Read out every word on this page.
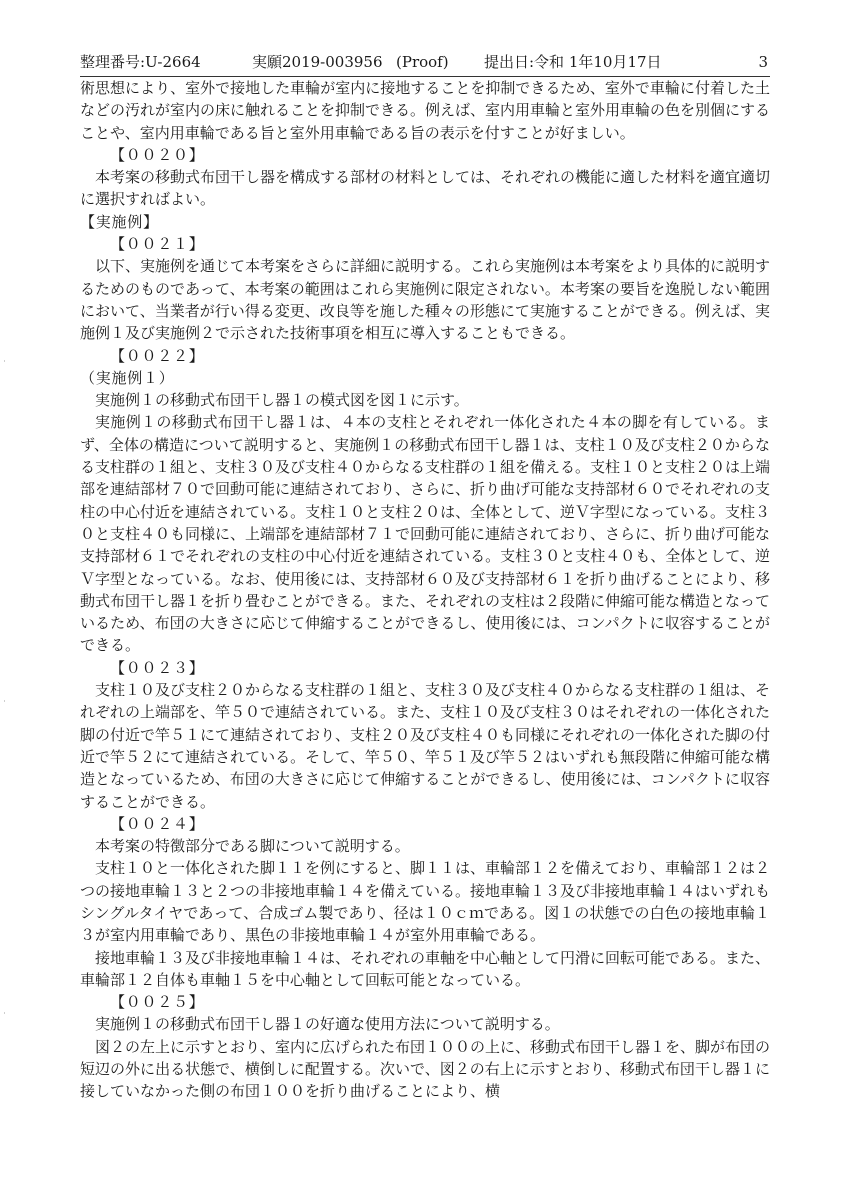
整理番号:U-2664	実願2019-003956 (Proof) 提出日:令和 1年10月17日	3

術思想により、室外で接地した車輪が室内に接地することを抑制できるため、室外で車輪に付着した土などの汚れが室内の床に触れることを抑制できる。例えば、室内用車輪と室外用車輪の色を別個にすることや、室内用車輪である旨と室外用車輪である旨の表示を付すことが好ましい。

【００２０】

本考案の移動式布団干し器を構成する部材の材料としては、それぞれの機能に適した材料を適宜適切に選択すればよい。

【実施例】
【００２１】

以下、実施例を通じて本考案をさらに詳細に説明する。これら実施例は本考案をより具体的に説明するためのものであって、本考案の範囲はこれら実施例に限定されない。本考案の要旨を逸脱しない範囲において、当業者が行い得る変更、改良等を施した種々の形態にて実施することができる。例えば、実施例１及び実施例２で示された技術事項を相互に導入することもできる。

【００２２】
（実施例１）

実施例１の移動式布団干し器１の模式図を図１に示す。

実施例１の移動式布団干し器１は、４本の支柱とそれぞれ一体化された４本の脚を有している。まず、全体の構造について説明すると、実施例１の移動式布団干し器１は、支柱１０及び支柱２０からなる支柱群の１組と、支柱３０及び支柱４０からなる支柱群の１組を備える。支柱１０と支柱２０は上端部を連結部材７０で回動可能に連結されており、さらに、折り曲げ可能な支持部材６０でそれぞれの支柱の中心付近を連結されている。支柱１０と支柱２０は、全体として、逆Ｖ字型になっている。支柱３０と支柱４０も同様に、上端部を連結部材７１で回動可能に連結されており、さらに、折り曲げ可能な支持部材６１でそれぞれの支柱の中心付近を連結されている。支柱３０と支柱４０も、全体として、逆Ｖ字型となっている。なお、使用後には、支持部材６０及び支持部材６１を折り曲げることにより、移動式布団干し器１を折り畳むことができる。また、それぞれの支柱は２段階に伸縮可能な構造となっているため、布団の大きさに応じて伸縮することができるし、使用後には、コンパクトに収容することができる。

【００２３】

支柱１０及び支柱２０からなる支柱群の１組と、支柱３０及び支柱４０からなる支柱群の１組は、それぞれの上端部を、竿５０で連結されている。また、支柱１０及び支柱３０はそれぞれの一体化された脚の付近で竿５１にて連結されており、支柱２０及び支柱４０も同様にそれぞれの一体化された脚の付近で竿５２にて連結されている。そして、竿５０、竿５１及び竿５２はいずれも無段階に伸縮可能な構造となっているため、布団の大きさに応じて伸縮することができるし、使用後には、コンパクトに収容することができる。

【００２４】

本考案の特徴部分である脚について説明する。

支柱１０と一体化された脚１１を例にすると、脚１１は、車輪部１２を備えており、車輪部１２は２つの接地車輪１３と２つの非接地車輪１４を備えている。接地車輪１３及び非接地車輪１４はいずれもシングルタイヤであって、合成ゴム製であり、径は１０ｃｍである。図１の状態での白色の接地車輪１３が室内用車輪であり、黒色の非接地車輪１４が室外用車輪である。

接地車輪１３及び非接地車輪１４は、それぞれの車軸を中心軸として円滑に回転可能である。また、車輪部１２自体も車軸１５を中心軸として回転可能となっている。

【００２５】

実施例１の移動式布団干し器１の好適な使用方法について説明する。

図２の左上に示すとおり、室内に広げられた布団１００の上に、移動式布団干し器１を、脚が布団の短辺の外に出る状態で、横倒しに配置する。次いで、図２の右上に示すとおり、移動式布団干し器１に接していなかった側の布団１００を折り曲げることにより、横
